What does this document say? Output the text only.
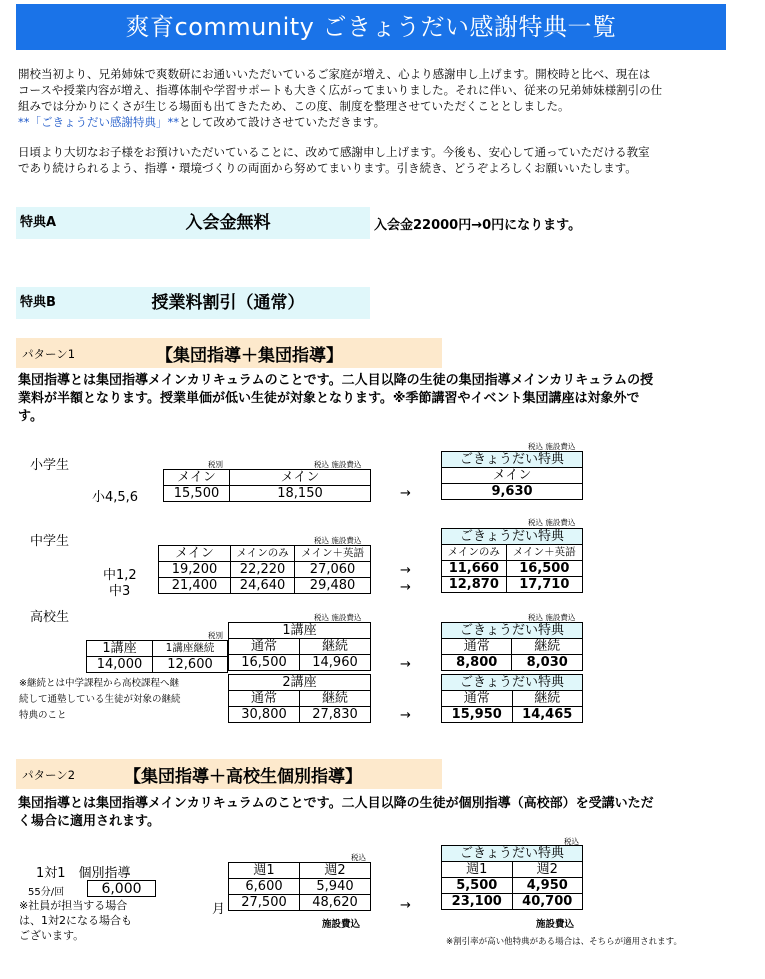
爽育community ごきょうだい感謝特典一覧
開校当初より、兄弟姉妹で爽数研にお通いいただいているご家庭が増え、心より感謝申し上げます。開校時と比べ、現在は
コースや授業内容が増え、指導体制や学習サポートも大きく広がってまいりました。それに伴い、従来の兄弟姉妹様割引の仕
組みでは分かりにくさが生じる場面も出てきたため、この度、制度を整理させていただくこととしました。
**「ごきょうだい感謝特典」**として改めて設けさせていただきます。
日頃より大切なお子様をお預けいただいていることに、改めて感謝申し上げます。今後も、安心して通っていただける教室
であり続けられるよう、指導・環境づくりの両面から努めてまいります。引き続き、どうぞよろしくお願いいたします。
特典A	入会金無料	入会金22000円→0円になります。
特典B	授業料割引（通常）
パターン1	【集団指導＋集団指導】
集団指導とは集団指導メインカリキュラムのことです。二人目以降の生徒の集団指導メインカリキュラムの授
業料が半額となります。授業単価が低い生徒が対象となります。※季節講習やイベント集団講座は対象外で
す。
小学生	税別	税込 施設費込
税込 施設費込
小4,5,6
メイン	メイン
15,500	18,150	→
ごきょうだい特典
メイン
9,630
中学生	税込 施設費込
税込 施設費込
中1,2
中3
メイン	メインのみ	メイン＋英語
19,200	22,220	27,060
21,400	24,640	29,480
→
→
ごきょうだい特典	
メインのみ	メイン＋英語
11,660	16,500
12,870	17,710
高校生
税別
税込 施設費込	税込 施設費込
1講座	1講座継続
14,000	12,600
1講座	
通常	継続
16,500	14,960
2講座	
通常	継続
30,800	27,830
※継続とは中学課程から高校課程へ継
続して通塾している生徒が対象の継続
特典のこと
→
→
ごきょうだい特典	
通常	継続
8,800	8,030
ごきょうだい特典	
通常	継続
15,950	14,465
パターン2	【集団指導＋高校生個別指導】
集団指導とは集団指導メインカリキュラムのことです。二人目以降の生徒が個別指導（高校部）を受講いただ
く場合に適用されます。
1対1　個別指導
55分/回	6,000
※社員が担当する場合
は、1対2になる場合も
ございます。
税込
税込
月
週1	週2
6,600	5,940
27,500	48,620
施設費込
→
ごきょうだい特典	
週1	週2
5,500	4,950
23,100	40,700
施設費込
※割引率が高い他特典がある場合は、そちらが適用されます。
